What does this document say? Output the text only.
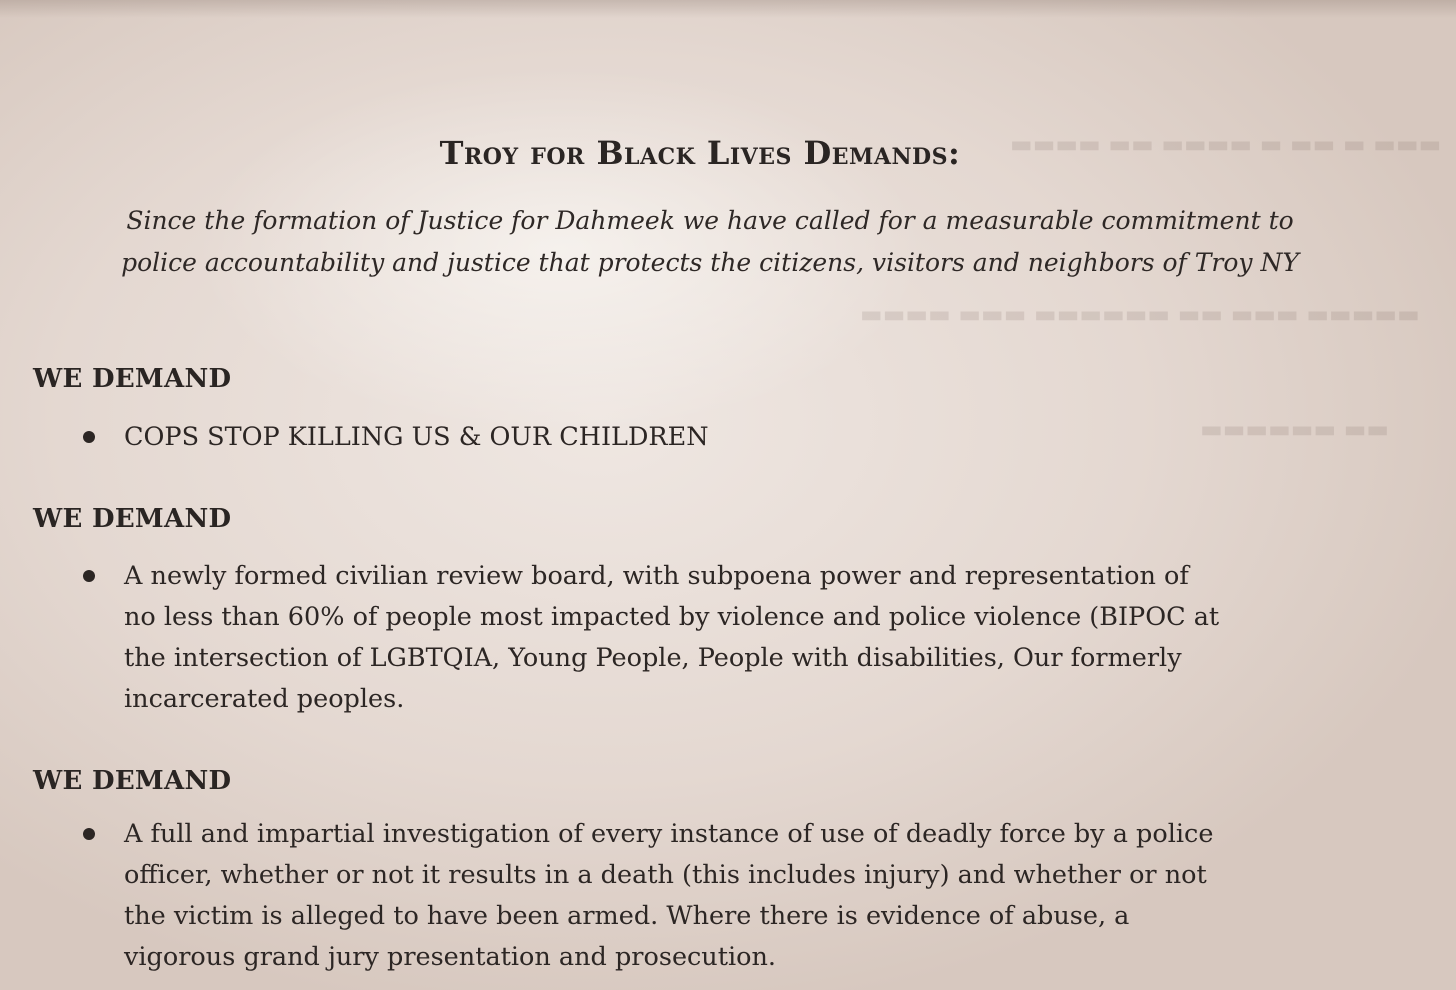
▬▬▬ ▬ ▬▬ ▬ ▬▬▬▬ ▬▬ ▬▬▬▬
▬▬▬▬▬ ▬▬▬ ▬▬ ▬▬▬▬▬▬ ▬▬▬ ▬▬▬▬
▬▬ ▬▬▬▬▬▬
Troy for Black Lives Demands:
Since the formation of Justice for Dahmeek we have called for a measurable commitment to
police accountability and justice that protects the citizens, visitors and neighbors of Troy NY
WE DEMAND
COPS STOP KILLING US & OUR CHILDREN
WE DEMAND
A newly formed civilian review board, with subpoena power and representation of
no less than 60% of people most impacted by violence and police violence (BIPOC at
the intersection of LGBTQIA, Young People, People with disabilities, Our formerly
incarcerated peoples.
WE DEMAND
A full and impartial investigation of every instance of use of deadly force by a police
officer, whether or not it results in a death (this includes injury) and whether or not
the victim is alleged to have been armed. Where there is evidence of abuse, a
vigorous grand jury presentation and prosecution.
